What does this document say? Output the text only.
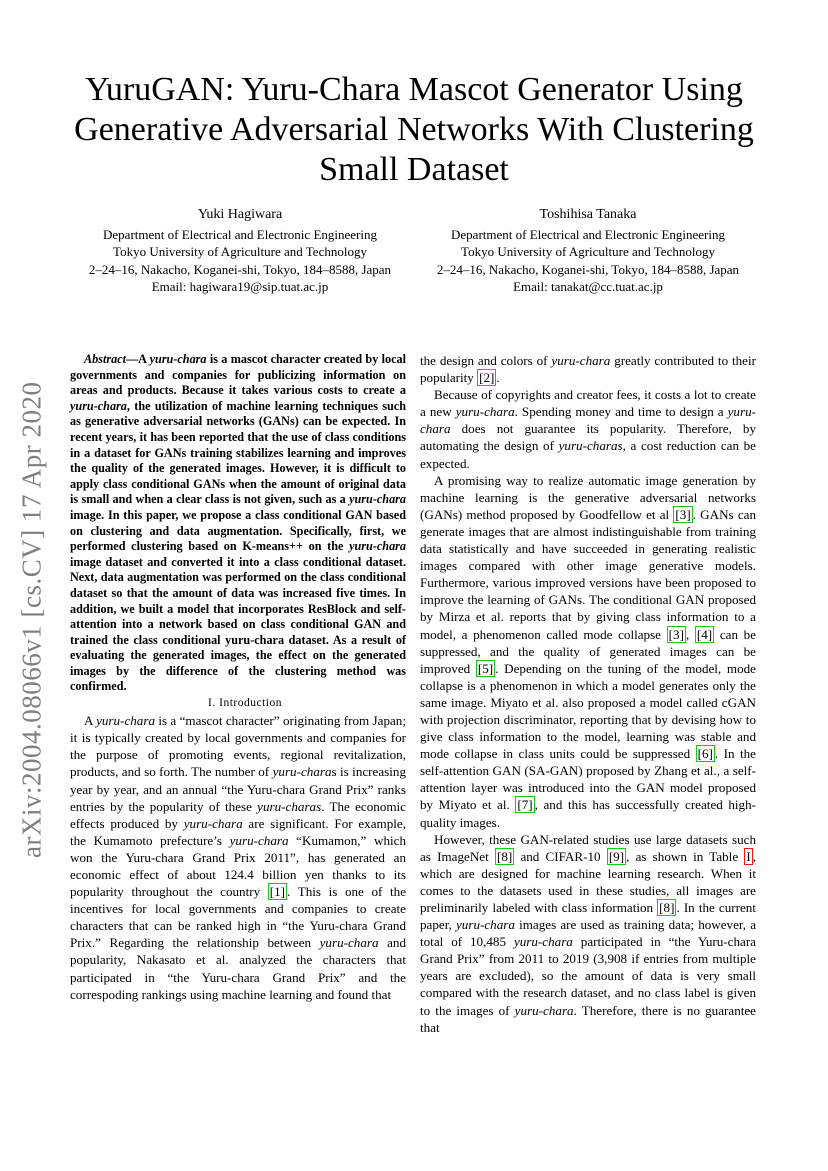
arXiv:2004.08066v1 [cs.CV] 17 Apr 2020
YuruGAN: Yuru-Chara Mascot Generator Using
Generative Adversarial Networks With Clustering
Small Dataset
Yuki Hagiwara
Department of Electrical and Electronic Engineering
Tokyo University of Agriculture and Technology
2–24–16, Nakacho, Koganei-shi, Tokyo, 184–8588, Japan
Email: hagiwara19@sip.tuat.ac.jp
Toshihisa Tanaka
Department of Electrical and Electronic Engineering
Tokyo University of Agriculture and Technology
2–24–16, Nakacho, Koganei-shi, Tokyo, 184–8588, Japan
Email: tanakat@cc.tuat.ac.jp

Abstract—A yuru-chara is a mascot character created by local governments and companies for publicizing information on areas and products. Because it takes various costs to create a yuru-chara, the utilization of machine learning techniques such as generative adversarial networks (GANs) can be expected. In recent years, it has been reported that the use of class conditions in a dataset for GANs training stabilizes learning and improves the quality of the generated images. However, it is difficult to apply class conditional GANs when the amount of original data is small and when a clear class is not given, such as a yuru-chara image. In this paper, we propose a class conditional GAN based on clustering and data augmentation. Specifically, first, we performed clustering based on K-means++ on the yuru-chara image dataset and converted it into a class conditional dataset. Next, data augmentation was performed on the class conditional dataset so that the amount of data was increased five times. In addition, we built a model that incorporates ResBlock and self-attention into a network based on class conditional GAN and trained the class conditional yuru-chara dataset. As a result of evaluating the generated images, the effect on the generated images by the difference of the clustering method was confirmed.

I. Introduction

A yuru-chara is a “mascot character” originating from Japan; it is typically created by local governments and companies for the purpose of promoting events, regional revitalization, products, and so forth. The number of yuru-charas is increasing year by year, and an annual “the Yuru-chara Grand Prix” ranks entries by the popularity of these yuru-charas. The economic effects produced by yuru-chara are significant. For example, the Kumamoto prefecture’s yuru-chara “Kumamon,” which won the Yuru-chara Grand Prix 2011”, has generated an economic effect of about 124.4 billion yen thanks to its popularity throughout the country [1] . This is one of the incentives for local governments and companies to create characters that can be ranked high in “the Yuru-chara Grand Prix.” Regarding the relationship between yuru-chara and popularity, Nakasato et al. analyzed the characters that participated in “the Yuru-chara Grand Prix” and the correspoding rankings using machine learning and found that

the design and colors of yuru-chara greatly contributed to their popularity [2] .

Because of copyrights and creator fees, it costs a lot to create a new yuru-chara. Spending money and time to design a yuru-chara does not guarantee its popularity. Therefore, by automating the design of yuru-charas, a cost reduction can be expected.

A promising way to realize automatic image generation by machine learning is the generative adversarial networks (GANs) method proposed by Goodfellow et al [3] . GANs can generate images that are almost indistinguishable from training data statistically and have succeeded in generating realistic images compared with other image generative models. Furthermore, various improved versions have been proposed to improve the learning of GANs. The conditional GAN proposed by Mirza et al. reports that by giving class information to a model, a phenomenon called mode collapse [3] , [4] can be suppressed, and the quality of generated images can be improved [5] . Depending on the tuning of the model, mode collapse is a phenomenon in which a model generates only the same image. Miyato et al. also proposed a model called cGAN with projection discriminator, reporting that by devising how to give class information to the model, learning was stable and mode collapse in class units could be suppressed [6] . In the self-attention GAN (SA-GAN) proposed by Zhang et al., a self-attention layer was introduced into the GAN model proposed by Miyato et al. [7] , and this has successfully created high-quality images.

However, these GAN-related studies use large datasets such as ImageNet [8] and CIFAR-10 [9] , as shown in Table I , which are designed for machine learning research. When it comes to the datasets used in these studies, all images are preliminarily labeled with class information [8] . In the current paper, yuru-chara images are used as training data; however, a total of 10,485 yuru-chara participated in “the Yuru-chara Grand Prix” from 2011 to 2019 (3,908 if entries from multiple years are excluded), so the amount of data is very small compared with the research dataset, and no class label is given to the images of yuru-chara. Therefore, there is no guarantee that
